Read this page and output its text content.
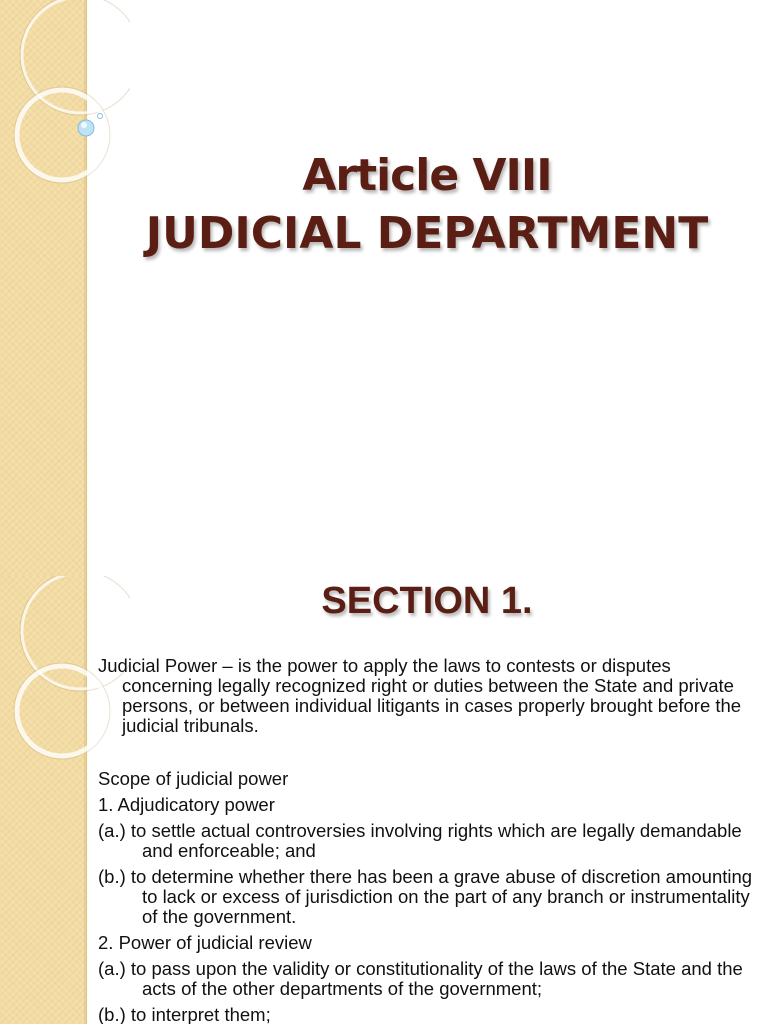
Article VIII
JUDICIAL DEPARTMENT
SECTION 1.

Judicial Power – is the power to apply the laws to contests or disputes concerning legally recognized right or duties between the State and private persons, or between individual litigants in cases properly brought before the judicial tribunals.

Scope of judicial power

1. Adjudicatory power

(a.) to settle actual controversies involving rights which are legally demandable and enforceable; and

(b.) to determine whether there has been a grave abuse of discretion amounting to lack or excess of jurisdiction on the part of any branch or instrumentality of the government.

2. Power of judicial review

(a.) to pass upon the validity or constitutionality of the laws of the State and the acts of the other departments of the government;

(b.) to interpret them;
